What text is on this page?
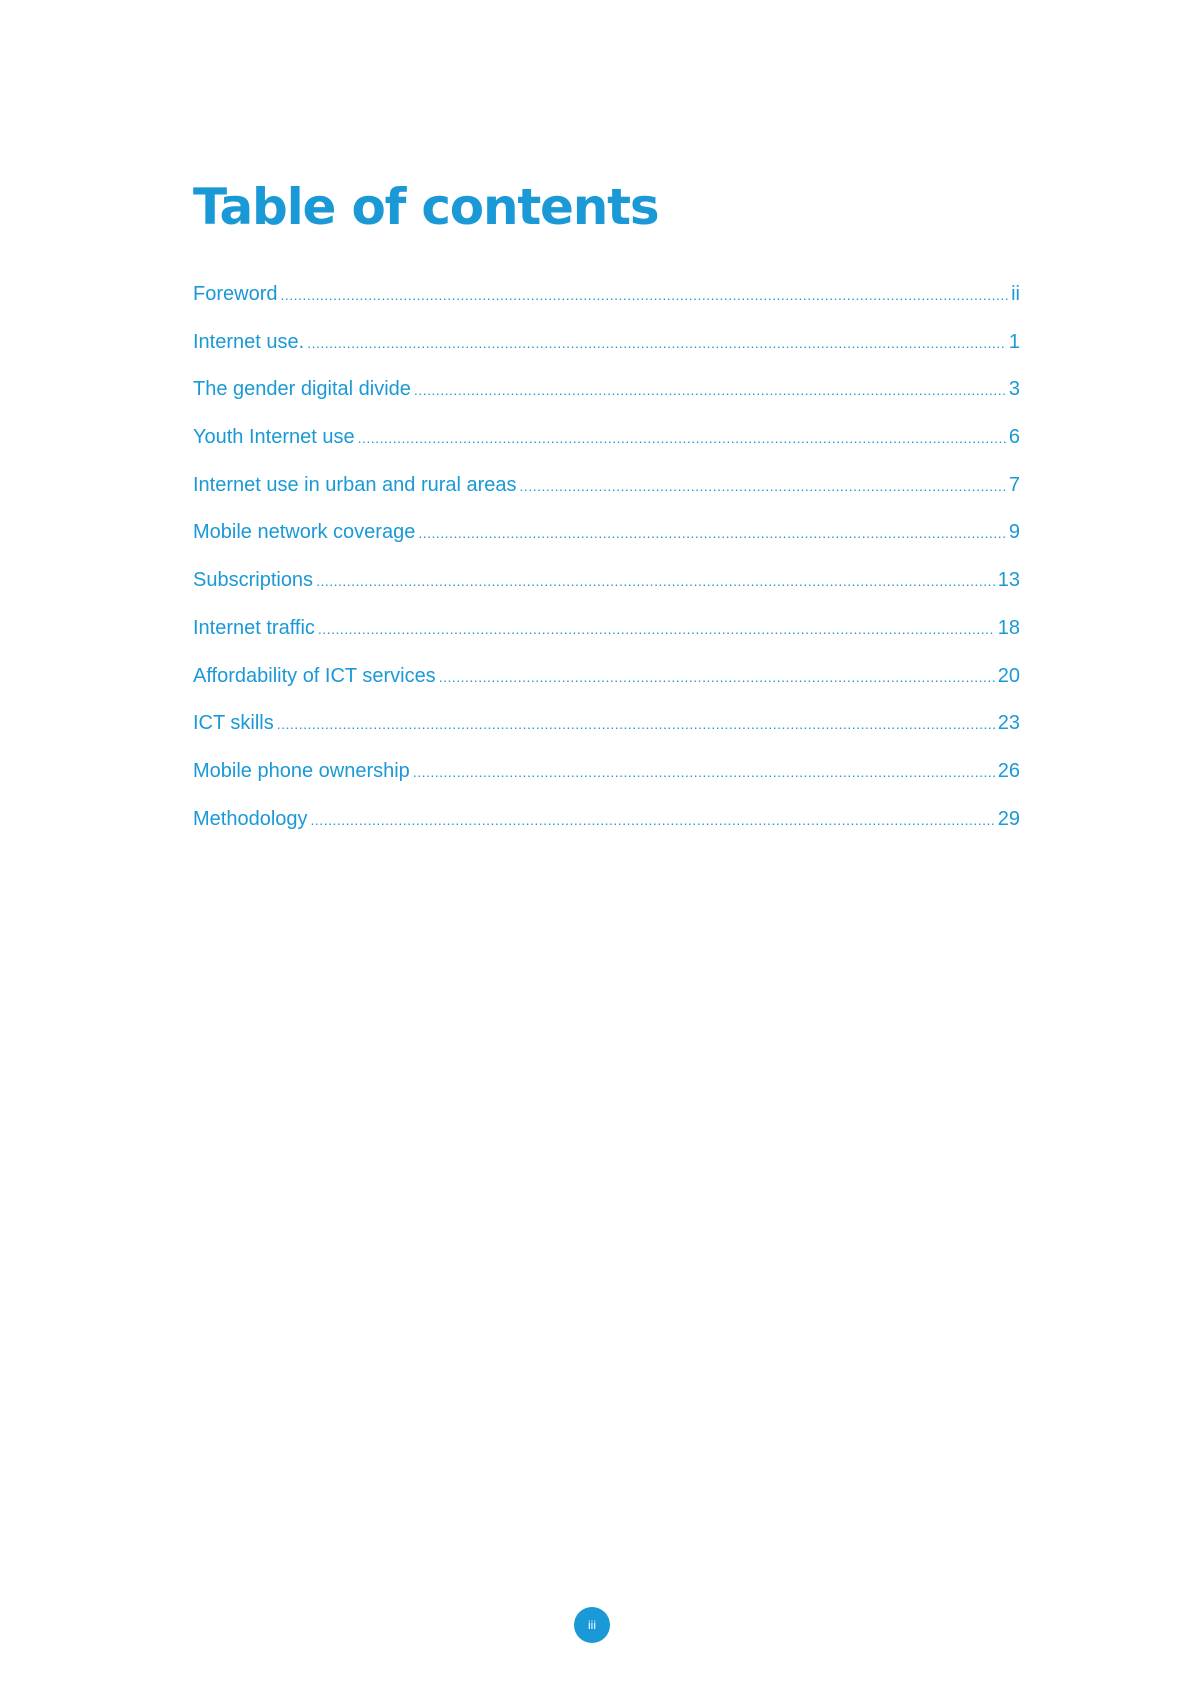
Table of contents
Foreword .....	ii
Internet use. .....	1
The gender digital divide .....	3
Youth Internet use .....	6
Internet use in urban and rural areas .....	7
Mobile network coverage .....	9
Subscriptions .....	13
Internet traffic .....	18
Affordability of ICT services .....	20
ICT skills .....	23
Mobile phone ownership .....	26
Methodology .....	29
iii
